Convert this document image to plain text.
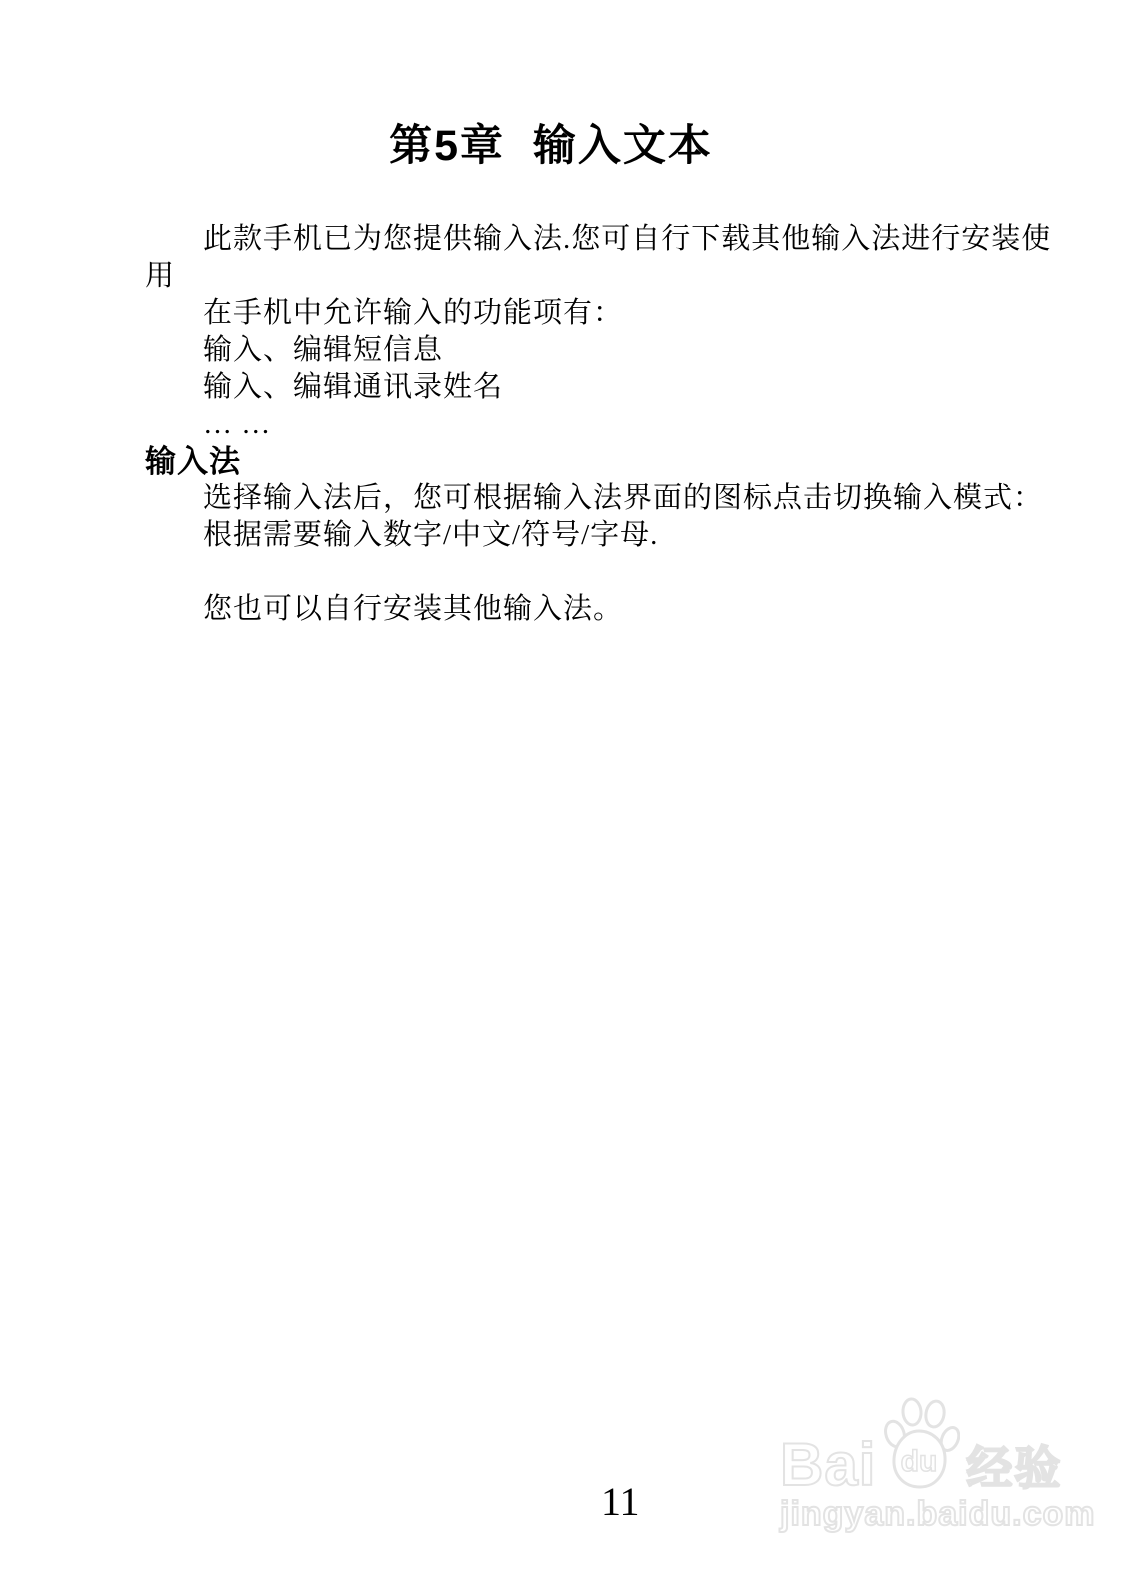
第5章  输入文本
此款手机已为您提供输入法.您可自行下载其他输入法进行安装使
用
在手机中允许输入的功能项有：
输入、编辑短信息
输入、编辑通讯录姓名
… …
输入法
选择输入法后，您可根据输入法界面的图标点击切换输入模式：
根据需要输入数字/中文/符号/字母.
您也可以自行安装其他输入法。
11
Bai du 经验
jingyan.baidu.com
